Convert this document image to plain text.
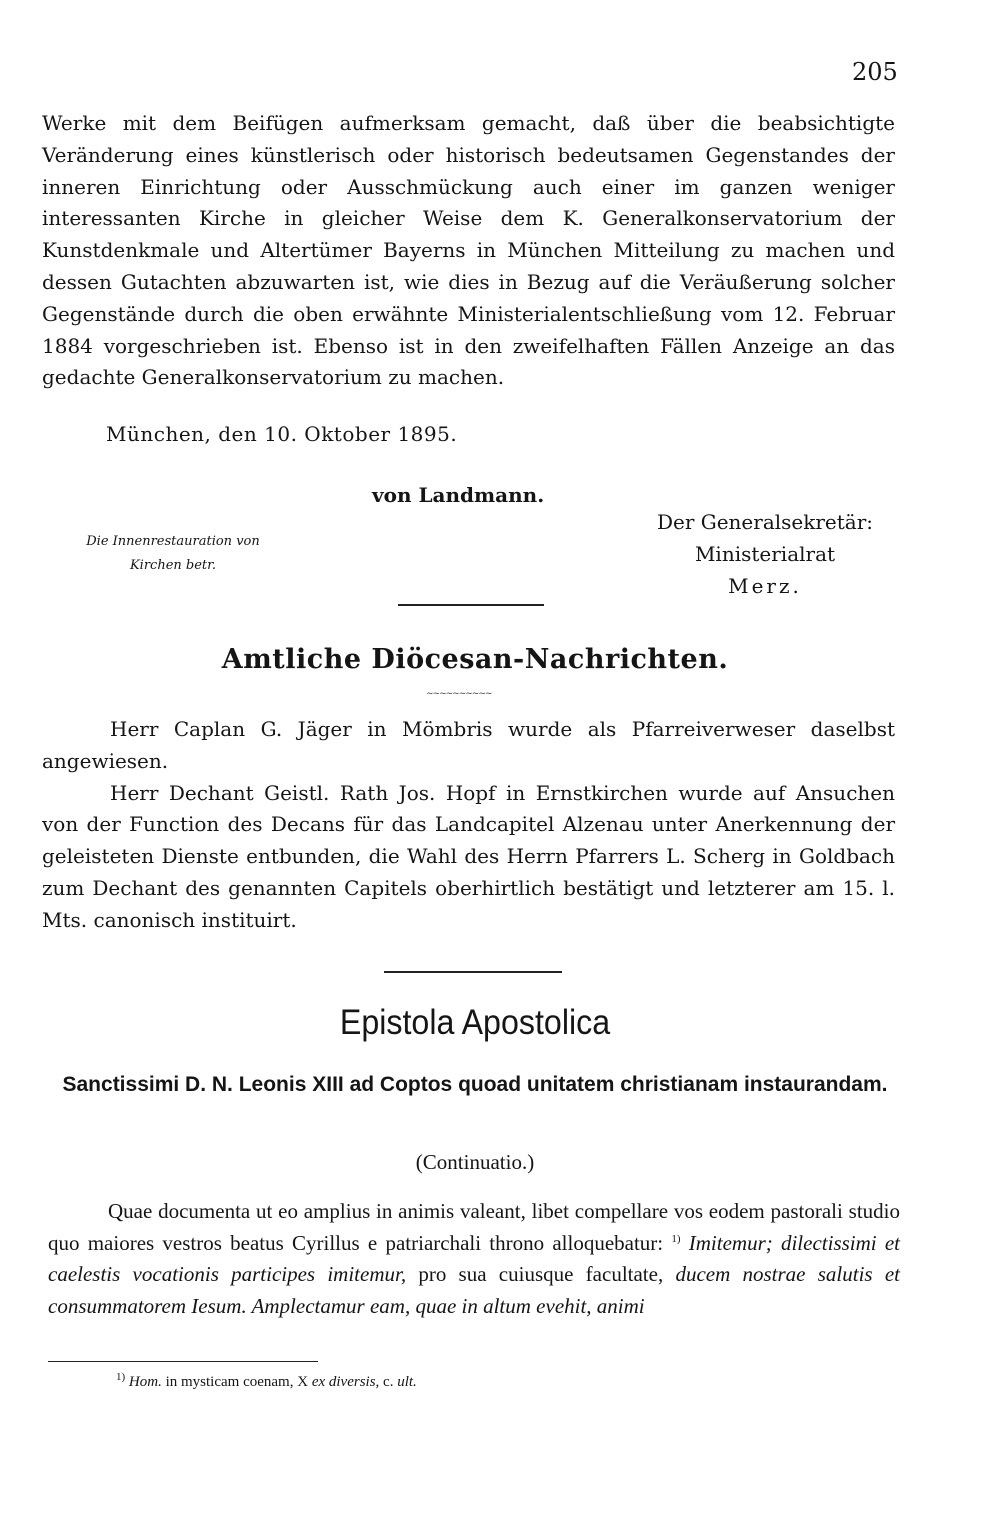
205
Werke mit dem Beifügen aufmerksam gemacht, daß über die beabsichtigte Veränderung eines künstlerisch oder historisch bedeutsamen Gegenstandes der inneren Einrichtung oder Ausschmückung auch einer im ganzen weniger interessanten Kirche in gleicher Weise dem K. Generalkonservatorium der Kunstdenkmale und Altertümer Bayerns in München Mitteilung zu machen und dessen Gutachten abzuwarten ist, wie dies in Bezug auf die Veräußerung solcher Gegenstände durch die oben erwähnte Ministerialentschließung vom 12. Februar 1884 vorgeschrieben ist. Ebenso ist in den zweifelhaften Fällen Anzeige an das gedachte Generalkonservatorium zu machen.
München, den 10. Oktober 1895.
von Landmann.
Die Innenrestauration von
Kirchen betr.
Der Generalsekretär:
Ministerialrat
Merz.
Amtliche Diöcesan-Nachrichten.
~~~~~~~~~~
Herr Caplan G. Jäger in Mömbris wurde als Pfarreiverweser daselbst angewiesen.
Herr Dechant Geistl. Rath Jos. Hopf in Ernstkirchen wurde auf Ansuchen von der Function des Decans für das Landcapitel Alzenau unter Anerkennung der geleisteten Dienste entbunden, die Wahl des Herrn Pfarrers L. Scherg in Goldbach zum Dechant des genannten Capitels oberhirtlich bestätigt und letzterer am 15. l. Mts. canonisch instituirt.
Epistola Apostolica
Sanctissimi D. N. Leonis XIII ad Coptos quoad unitatem christianam instaurandam.
(Continuatio.)
Quae documenta ut eo amplius in animis valeant, libet compellare vos eodem pastorali studio quo maiores vestros beatus Cyrillus e patriarchali throno alloquebatur: $^{1)}$ Imitemur; dilectissimi et caelestis vocationis participes imitemur, pro sua cuiusque facultate, ducem nostrae salutis et consummatorem Iesum. Amplectamur eam, quae in altum evehit, animi
$^{1)}$ Hom. in mysticam coenam, X ex diversis, c. ult.
